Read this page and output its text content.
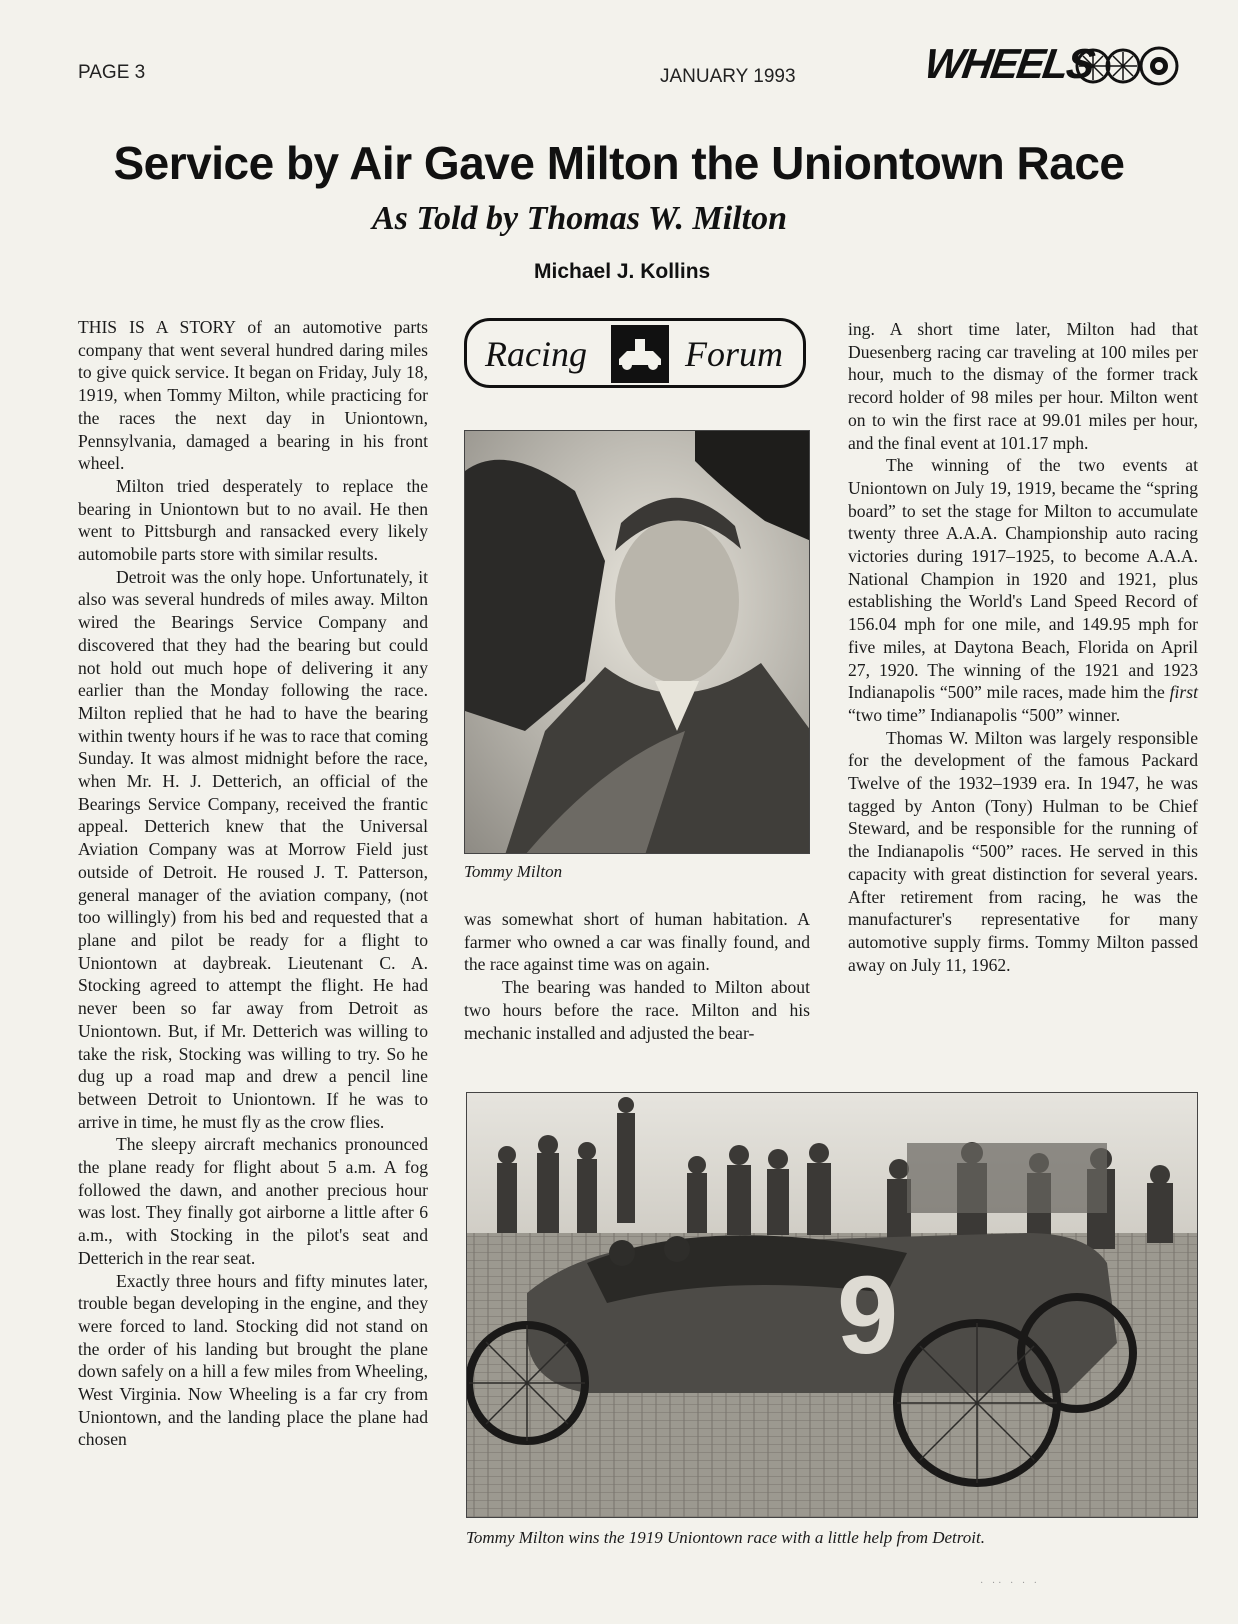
PAGE 3	JANUARY 1993	WHEELS
Service by Air Gave Milton the Uniontown Race
As Told by Thomas W. Milton
Michael J. Kollins

THIS IS A STORY of an automotive parts company that went several hundred daring miles to give quick service. It began on Friday, July 18, 1919, when Tommy Milton, while practicing for the races the next day in Uniontown, Pennsylvania, damaged a bearing in his front wheel.

Milton tried desperately to replace the bearing in Uniontown but to no avail. He then went to Pittsburgh and ransacked every likely automobile parts store with similar results.

Detroit was the only hope. Unfortunately, it also was several hundreds of miles away. Milton wired the Bearings Service Company and discovered that they had the bearing but could not hold out much hope of delivering it any earlier than the Monday following the race. Milton replied that he had to have the bearing within twenty hours if he was to race that coming Sunday. It was almost midnight before the race, when Mr. H. J. Detterich, an official of the Bearings Service Company, received the frantic appeal. Detterich knew that the Universal Aviation Company was at Morrow Field just outside of Detroit. He roused J. T. Patterson, general manager of the aviation company, (not too willingly) from his bed and requested that a plane and pilot be ready for a flight to Uniontown at daybreak. Lieutenant C. A. Stocking agreed to attempt the flight. He had never been so far away from Detroit as Uniontown. But, if Mr. Detterich was willing to take the risk, Stocking was willing to try. So he dug up a road map and drew a pencil line between Detroit to Uniontown. If he was to arrive in time, he must fly as the crow flies.

The sleepy aircraft mechanics pronounced the plane ready for flight about 5 a.m. A fog followed the dawn, and another precious hour was lost. They finally got airborne a little after 6 a.m., with Stocking in the pilot's seat and Detterich in the rear seat.

Exactly three hours and fifty minutes later, trouble began developing in the engine, and they were forced to land. Stocking did not stand on the order of his landing but brought the plane down safely on a hill a few miles from Wheeling, West Virginia. Now Wheeling is a far cry from Uniontown, and the landing place the plane had chosen

Racing	Forum
Tommy Milton

was somewhat short of human habitation. A farmer who owned a car was finally found, and the race against time was on again.

The bearing was handed to Milton about two hours before the race. Milton and his mechanic installed and adjusted the bear-

ing. A short time later, Milton had that Duesenberg racing car traveling at 100 miles per hour, much to the dismay of the former track record holder of 98 miles per hour. Milton went on to win the first race at 99.01 miles per hour, and the final event at 101.17 mph.

The winning of the two events at Uniontown on July 19, 1919, became the “spring board” to set the stage for Milton to accumulate twenty three A.A.A. Championship auto racing victories during 1917–1925, to become A.A.A. National Champion in 1920 and 1921, plus establishing the World's Land Speed Record of 156.04 mph for one mile, and 149.95 mph for five miles, at Daytona Beach, Florida on April 27, 1920. The winning of the 1921 and 1923 Indianapolis “500” mile races, made him the first “two time” Indianapolis “500” winner.

Thomas W. Milton was largely responsible for the development of the famous Packard Twelve of the 1932–1939 era. In 1947, he was tagged by Anton (Tony) Hulman to be Chief Steward, and be responsible for the running of the Indianapolis “500” races. He served in this capacity with great distinction for several years. After retirement from racing, he was the manufacturer's representative for many automotive supply firms. Tommy Milton passed away on July 11, 1962.

9
Tommy Milton wins the 1919 Uniontown race with a little help from Detroit.
· ·· · · ·
